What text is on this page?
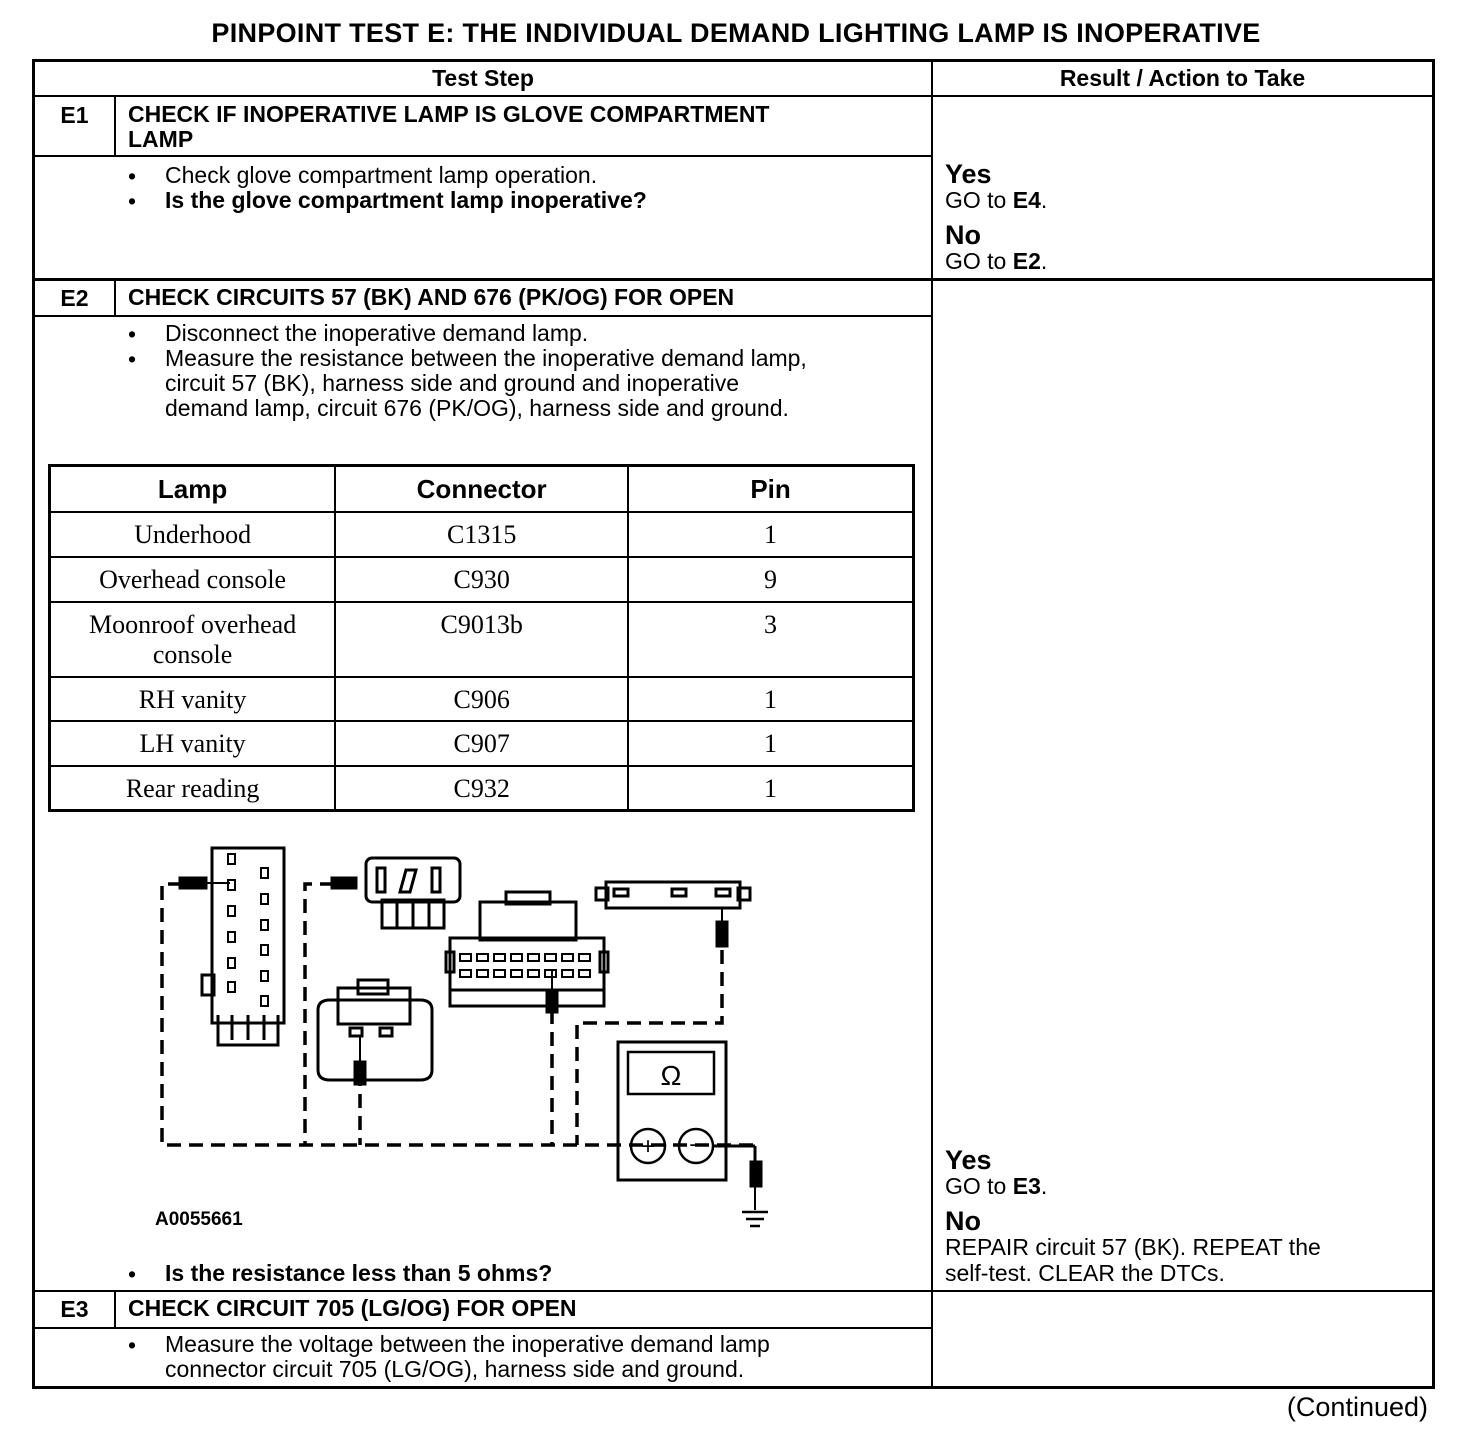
PINPOINT TEST E: THE INDIVIDUAL DEMAND LIGHTING LAMP IS INOPERATIVE
Test Step	Result / Action to Take
E1	CHECK IF INOPERATIVE LAMP IS GLOVE COMPARTMENT
LAMP
• Check glove compartment lamp operation.
• Is the glove compartment lamp inoperative?
Yes
GO to E4.
No
GO to E2.
E2	CHECK CIRCUITS 57 (BK) AND 676 (PK/OG) FOR OPEN
• Disconnect the inoperative demand lamp.
• Measure the resistance between the inoperative demand lamp,
circuit 57 (BK), harness side and ground and inoperative
demand lamp, circuit 676 (PK/OG), harness side and ground.
Lamp	Connector	Pin
Underhood	C1315	1
Overhead console	C930	9

Moonroof overhead console	C9013b	3
RH vanity	C906	1
LH vanity	C907	1
Rear reading	C932	1
Ω
+ −
A0055661
• Is the resistance less than 5 ohms?
Yes
GO to E3.
No
REPAIR circuit 57 (BK). REPEAT the
self-test. CLEAR the DTCs.
E3	CHECK CIRCUIT 705 (LG/OG) FOR OPEN
• Measure the voltage between the inoperative demand lamp
connector circuit 705 (LG/OG), harness side and ground.
(Continued)
